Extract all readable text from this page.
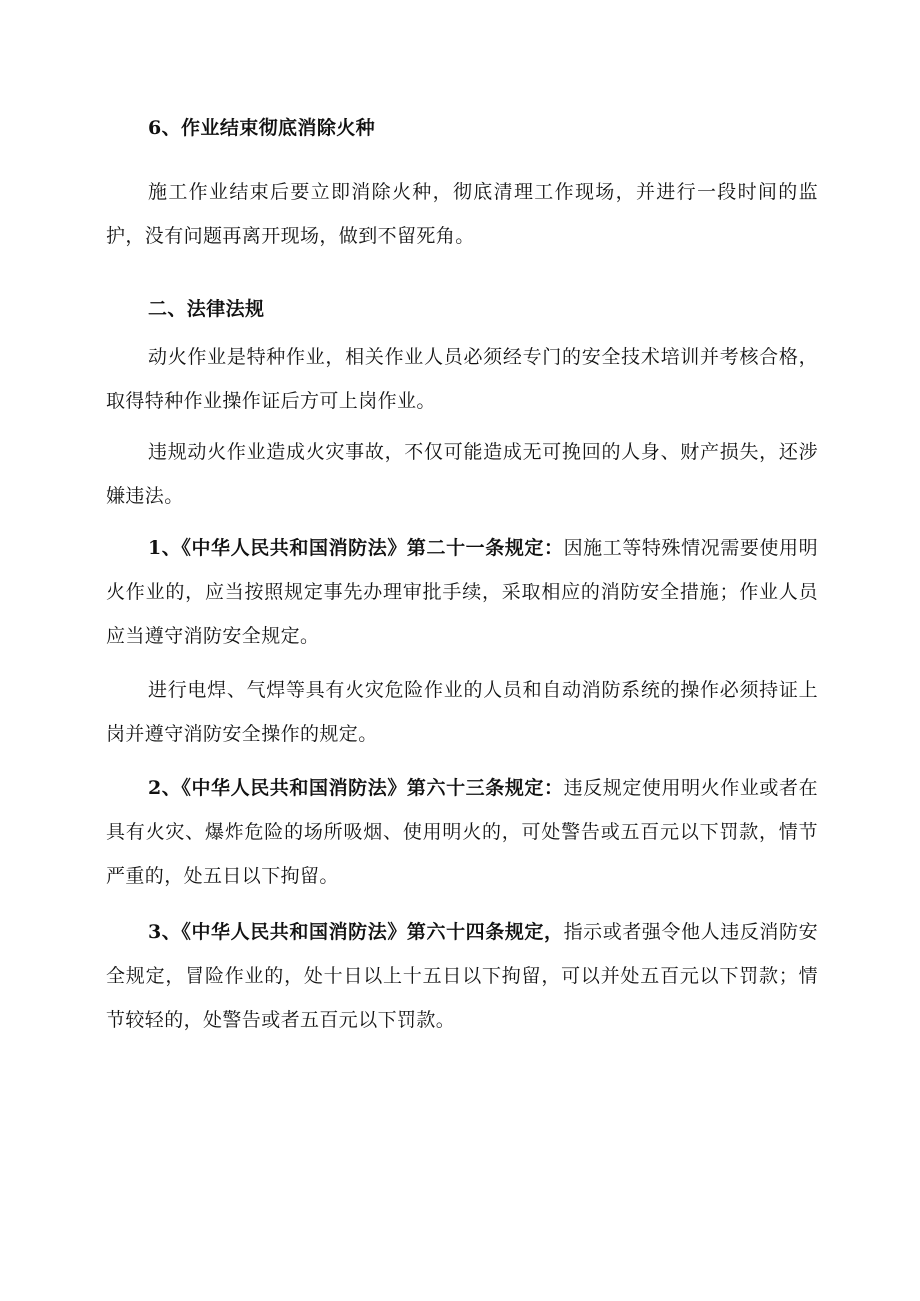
6、作业结束彻底消除火种

施工作业结束后要立即消除火种，彻底清理工作现场，并进行一段时间的监护，没有问题再离开现场，做到不留死角。

二、法律法规

动火作业是特种作业，相关作业人员必须经专门的安全技术培训并考核合格，取得特种作业操作证后方可上岗作业。

违规动火作业造成火灾事故，不仅可能造成无可挽回的人身、财产损失，还涉嫌违法。

1、《中华人民共和国消防法》第二十一条规定：因施工等特殊情况需要使用明火作业的，应当按照规定事先办理审批手续，采取相应的消防安全措施；作业人员应当遵守消防安全规定。

进行电焊、气焊等具有火灾危险作业的人员和自动消防系统的操作必须持证上岗并遵守消防安全操作的规定。

2、《中华人民共和国消防法》第六十三条规定：违反规定使用明火作业或者在具有火灾、爆炸危险的场所吸烟、使用明火的，可处警告或五百元以下罚款，情节严重的，处五日以下拘留。

3、《中华人民共和国消防法》第六十四条规定，指示或者强令他人违反消防安全规定，冒险作业的，处十日以上十五日以下拘留，可以并处五百元以下罚款；情节较轻的，处警告或者五百元以下罚款。
